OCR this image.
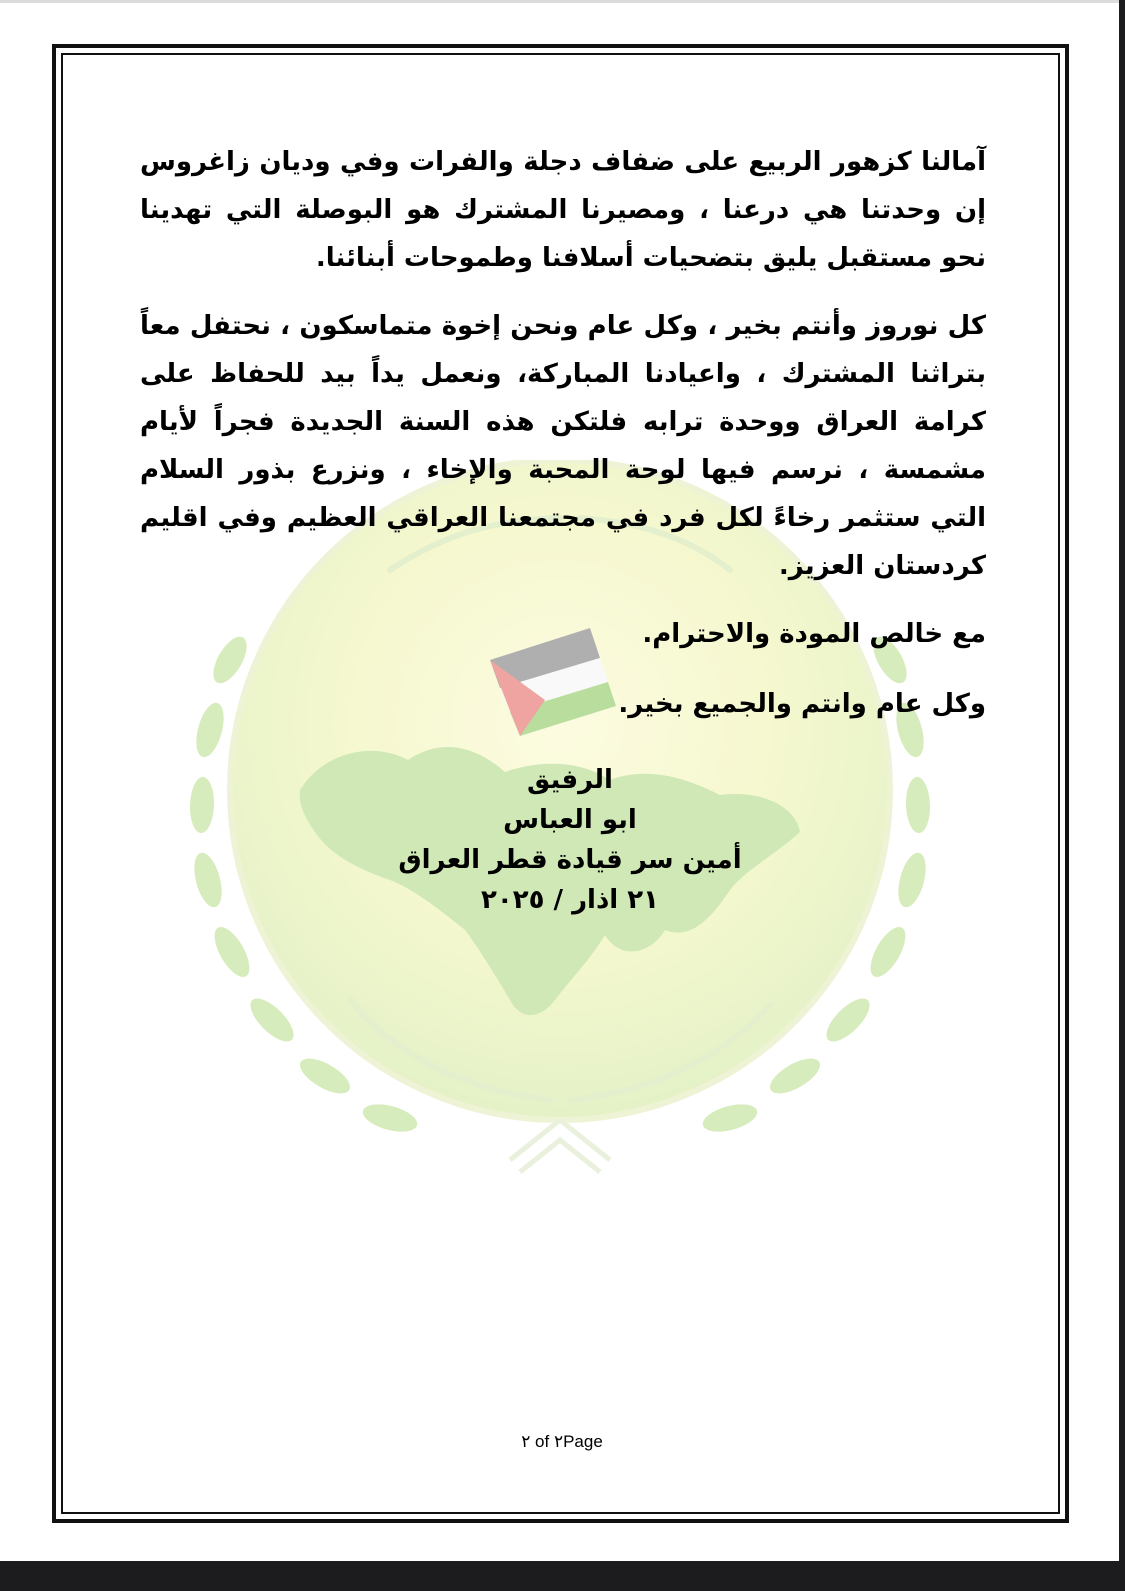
آمالنا كزهور الربيع على ضفاف دجلة والفرات وفي وديان زاغروس إن وحدتنا هي درعنا ، ومصيرنا المشترك هو البوصلة التي تهدينا نحو مستقبل يليق بتضحيات أسلافنا وطموحات أبنائنا.

كل نوروز وأنتم بخير ، وكل عام ونحن إخوة متماسكون ، نحتفل معاً بتراثنا المشترك ، واعيادنا المباركة، ونعمل يداً بيد للحفاظ على كرامة العراق ووحدة ترابه فلتكن هذه السنة الجديدة فجراً لأيام مشمسة ، نرسم فيها لوحة المحبة والإخاء ، ونزرع بذور السلام التي ستثمر رخاءً لكل فرد في مجتمعنا العراقي العظيم وفي اقليم كردستان العزيز.

مع خالص المودة والاحترام.

وكل عام وانتم والجميع بخير.

الرفيق
ابو العباس
أمين سر قيادة قطر العراق
٢١ اذار / ٢٠٢٥
٢ of ٢Page
